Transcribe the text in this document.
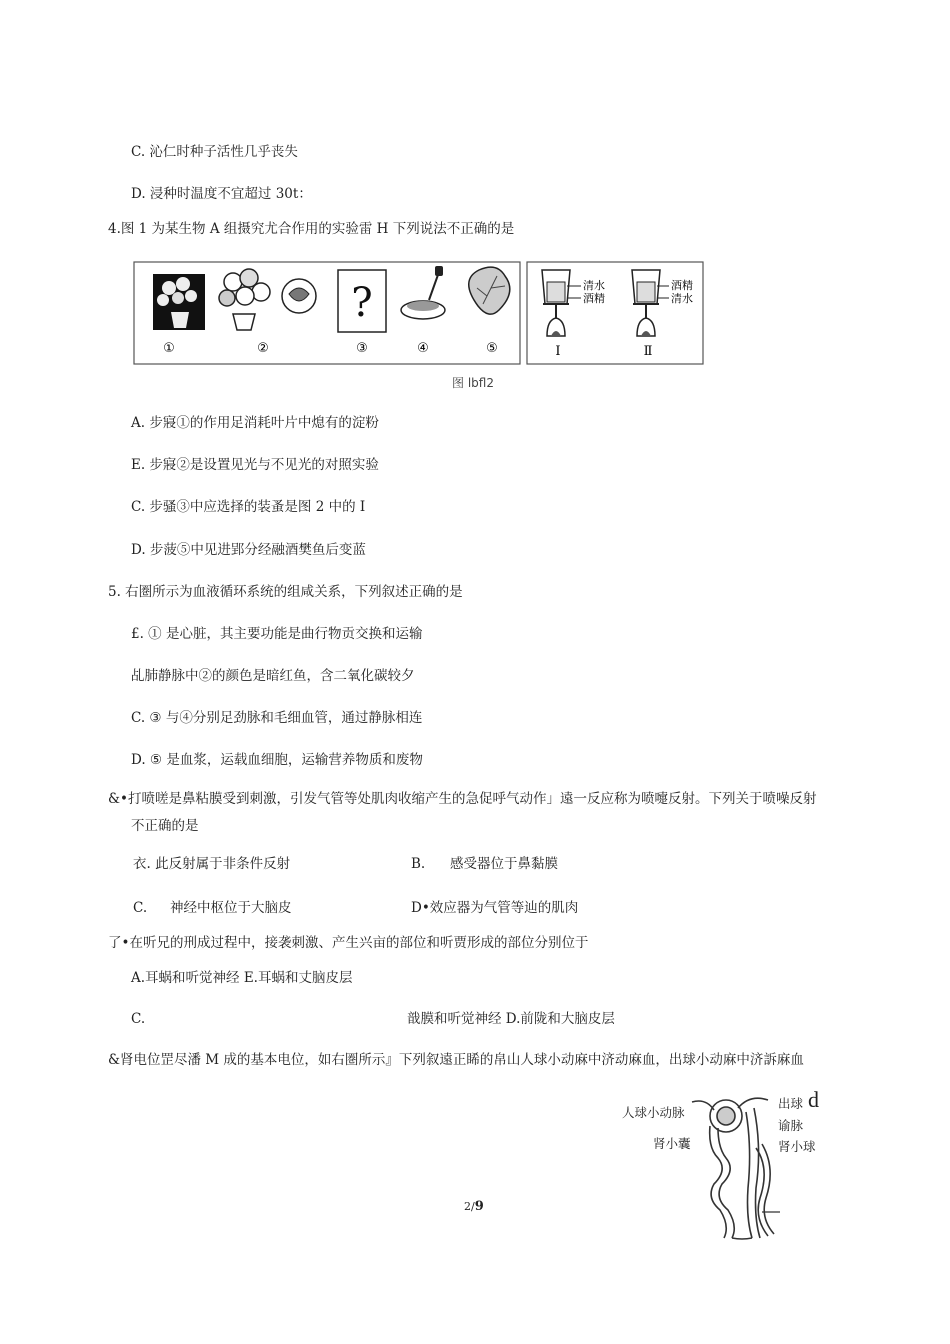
C. 沁仁时种子活性几乎丧失
D. 浸种时温度不宜超过 30t：
4.图 1 为某生物 A 组摄究尤合作用的实验雷 H 下列说法不正确的是
?
①	②	③	④	⑤
清水
酒精
酒精
清水
Ⅰ	Ⅱ
图 lbfl2
A. 步寢①的作用足消耗叶片中熄有的淀粉
E. 步寢②是设置见光与不见光的对照实验
C. 步骚③中应选择的装蚤是图 2 中的 I
D. 步菠⑤中见进郢分经融酒樊鱼后变蓝
5. 右圏所示为血液循环系统的组咸关系，下列叙述正确的是
£. ① 是心脏，其主要功能是曲行物贡交换和运输
乩肺静脉中②的颜色是暗红鱼，含二氧化碳较夕
C. ③ 与④分别足劲脉和毛细血管，通过静脉相连
D. ⑤ 是血浆，运载血细胞，运输营养物质和废物
&•打喷嗟是鼻粘膜受到刺激，引发气管等处肌肉收缩产生的急促呼气动作」遠一反应称为喷嚏反射。下列关于喷噪反射
不正确的是
衣. 此反射属于非条件反射	B. 感受器位于鼻黏膜
C. 神经中枢位于大脑皮	D•效应器为气管等辿的肌肉
了•在听兄的刑成过程中，接袭刺激、产生兴亩的部位和听贾形成的部位分别位于
A.耳蜗和听觉神经 E.耳蜗和丈脑皮层
C.	戠膜和听觉神经 D.前陇和大脑皮层
&肾电位罡尽潘 M 成的基本电位，如右圏所示』下列叙遠正睎的帛山人球小动麻中济动麻血，出球小动麻中济訴麻血
人球小动脉
肾小囊
出球 d
谕脉
肾小球
2/9
